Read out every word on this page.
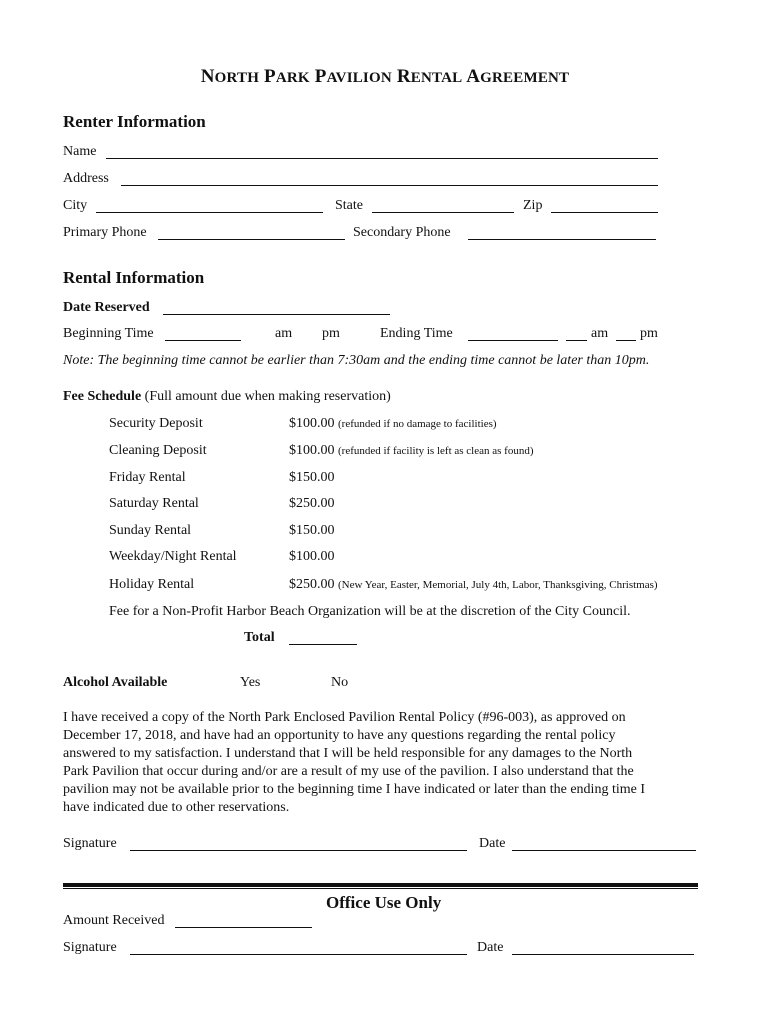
NORTH PARK PAVILION RENTAL AGREEMENT
Renter Information
Name
Address
City	State	Zip
Primary Phone	Secondary Phone
Rental Information
Date Reserved
Beginning Time	am pm	Ending Time	am pm
Note: The beginning time cannot be earlier than 7:30am and the ending time cannot be later than 10pm.
Fee Schedule (Full amount due when making reservation)
Security Deposit	$100.00 (refunded if no damage to facilities)
Cleaning Deposit	$100.00 (refunded if facility is left as clean as found)
Friday Rental	$150.00
Saturday Rental	$250.00
Sunday Rental	$150.00
Weekday/Night Rental	$100.00
Holiday Rental	$250.00 (New Year, Easter, Memorial, July 4th, Labor, Thanksgiving, Christmas)
Fee for a Non-Profit Harbor Beach Organization will be at the discretion of the City Council.
Total
Alcohol Available	Yes	No
I have received a copy of the North Park Enclosed Pavilion Rental Policy (#96-003), as approved on
December 17, 2018, and have had an opportunity to have any questions regarding the rental policy
answered to my satisfaction. I understand that I will be held responsible for any damages to the North
Park Pavilion that occur during and/or are a result of my use of the pavilion. I also understand that the
pavilion may not be available prior to the beginning time I have indicated or later than the ending time I
have indicated due to other reservations.
Signature	Date
Office Use Only
Amount Received
Signature	Date
